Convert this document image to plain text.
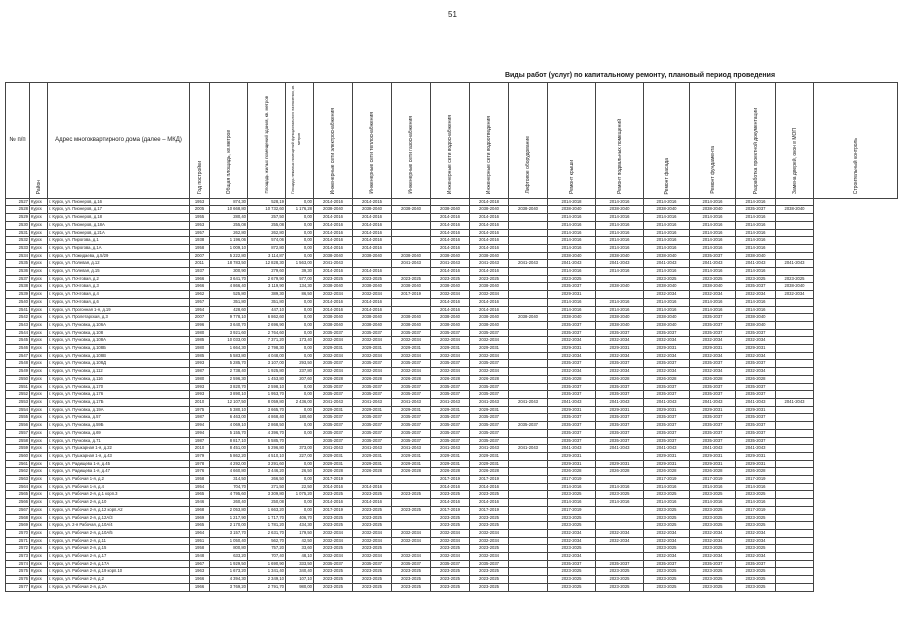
51
Виды работ (услуг) по капитальному ремонту, плановый период проведения
№ п/п	Район	Адрес многоквартирного дома (далее – МКД)	Год постройки	Общая площадь, кв.метров	Площадь жилых помещений здания, кв. метров	Площадь нежилых помещений функционального назначения, кв. метров	Инженерные сети электроснабжения	Инженерные сети теплоснабжения	Инженерные сети газоснабжения	Инженерные сети водоснабжения	Инженерные сети водоотведения	Лифтовое оборудование	Ремонт крыши	Ремонт подвальных помещений	Ремонт фасада	Ремонт фундамента	Разработка проектной документации	Замена дверей, окон в МОП	Строительный контроль
2527	Курск	г. Курск, ул. Пионеров, д.16	1953	874,30	528,19	0,00	2014-2016	2014-2015			2014-2018		2014-2018	2014-2016	2014-2016	2014-2016	2014-2016		
2528	Курск	г. Курск, ул. Пионеров, д.17	2005	10 668,80	10 732,60	1 176,28	2038-2040	2038-2040	2038-2040	2038-2040	2038-2040	2038-2040	2038-2040	2038-2040	2038-2040	2038-2040	2035-2037	2038-2040	
2529	Курск	г. Курск, ул. Пионеров, д.18	1955	280,40	257,50	0,00	2014-2016	2014-2016		2014-2016	2014-2016		2014-2016	2014-2016	2014-2016	2014-2016	2014-2016		
2530	Курск	г. Курск, ул. Пионеров, д.18А	1953	255,08	255,08	0,00	2014-2016	2014-2016		2014-2016	2014-2016		2014-2016	2014-2016	2014-2016	2014-2016	2014-2016		
2531	Курск	г. Курск, ул. Пионеров, д.21А	1957	262,80	262,80	0,00	2014-2016	2014-2016		2014-2016	2014-2016		2014-2016	2014-2016	2014-2016	2014-2016	2014-2016		
2532	Курск	г. Курск, ул. Пирогова, д.1	1938	1 196,06	574,06	0,00	2014-2016	2014-2016		2014-2016	2014-2016		2014-2016	2014-2016	2014-2016	2014-2016	2014-2016		
2533	Курск	г. Курск, ул. Пирогова, д.1А	1958	1 009,10	872,80	0,00	2014-2016	2014-2016		2014-2016	2014-2016		2014-2016	2014-2016	2014-2016	2014-2016	2014-2016		
2534	Курск	г. Курск, ул. Пожидаева, д.5/29	2007	5 222,80	3 114,87	0,00	2038-2040	2038-2040	2038-2040	2038-2040	2038-2040		2038-2040	2038-2040	2038-2040	2035-2037	2038-2040		
2535	Курск	г. Курск, ул. Полевая, д.12	2011	18 783,50	12 828,30	1 563,00	2041-2043		2041-2043	2041-2043	2041-2043	2041-2043	2041-2043	2041-2043	2041-2043	2041-2043	2041-2043	2041-2043	
2536	Курск	г. Курск, ул. Полевая, д.15	1937	300,90	279,60	39,30	2014-2016	2014-2016		2014-2016	2014-2016		2014-2016	2014-2016	2014-2016	2014-2016	2014-2016		
2537	Курск	г. Курск, ул. Почтовая, д.2	1966	3 641,70	2 679,90	577,00	2023-2025	2023-2025	2023-2025	2023-2025	2023-2025		2023-2025		2023-2025	2023-2025	2023-2025	2023-2025	
2538	Курск	г. Курск, ул. Почтовая, д.3	1966	4 866,40	3 119,90	134,30	2038-2040	2038-2040	2038-2040	2038-2040	2038-2040		2035-2037	2038-2040	2038-2040	2038-2040	2035-2037	2038-2040	
2539	Курск	г. Курск, ул. Почтовая, д.4	1962	525,80	389,30	86,50	2032-2034	2032-2034	2017-2019	2032-2034	2032-2034		2029-2031		2032-2034	2032-2034	2032-2034	2032-2034	
2540	Курск	г. Курск, ул. Почтовая, д.6	1957	351,80	351,80	0,00	2014-2016	2014-2016		2014-2016	2014-2016		2014-2016	2014-2016	2014-2016	2014-2016	2014-2016		
2541	Курск	г. Курск, ул. Прогонная 1-я, д.19	1954	428,60	447,10	0,00	2014-2016	2014-2016		2014-2016	2014-2016		2014-2016	2014-2016	2014-2016	2014-2016	2014-2016		
2542	Курск	г. Курск, ул. Пролетарская, д.3	2007	9 778,10	6 862,60	0,00	2038-2040	2038-2040	2038-2040	2038-2040	2038-2040	2038-2040	2038-2040	2038-2040	2038-2040	2035-2037	2038-2040		
2543	Курск	г. Курск, ул. Пучковка, д.106А	1996	3 640,70	2 696,90	0,00	2038-2040	2038-2040	2038-2040	2038-2040	2038-2040		2035-2037	2038-2040	2038-2040	2035-2037	2038-2040		
2544	Курск	г. Курск, ул. Пучковка, д.108	1980	3 921,60	2 764,60	0,00	2035-2037	2035-2037	2035-2037	2035-2037	2035-2037		2035-2037	2035-2037	2035-2037	2035-2037	2035-2037		
2545	Курск	г. Курск, ул. Пучковка, д.108А	1985	10 033,00	7 371,20	173,40	2032-2034	2032-2034	2032-2034	2032-2034	2032-2034		2032-2034	2032-2034	2032-2034	2032-2034	2032-2034		
2546	Курск	г. Курск, ул. Пучковка, д.108Б	1980	1 664,30	2 798,30	0,00	2029-2031	2029-2031	2029-2031	2029-2031	2029-2031		2029-2031	2029-2031	2029-2031	2029-2031	2029-2031		
2547	Курск	г. Курск, ул. Пучковка, д.108В	1985	5 583,80	4 048,00	0,00	2032-2034	2032-2034	2032-2034	2032-2034	2032-2034		2032-2034	2032-2034	2032-2034	2032-2034	2032-2034		
2548	Курск	г. Курск, ул. Пучковка, д.108Д	1993	5 285,70	3 107,00	293,50	2035-2037	2035-2037	2035-2037	2035-2037	2035-2037		2035-2037	2035-2037	2035-2037	2035-2037	2035-2037		
2549	Курск	г. Курск, ул. Пучковка, д.112	1987	2 738,40	1 925,80	237,80	2032-2034	2032-2034	2032-2034	2032-2034	2032-2034		2032-2034	2032-2034	2032-2034	2032-2034	2032-2034		
2550	Курск	г. Курск, ул. Пучковка, д.116	1980	2 596,30	1 453,80	207,60	2026-2028	2026-2028	2026-2028	2026-2028	2026-2028		2026-2028	2026-2028	2026-2028	2026-2028	2026-2028		
2551	Курск	г. Курск, ул. Пучковка, д.170	1993	3 820,70	2 598,10	0,00	2035-2037	2035-2037	2035-2037	2035-2037	2035-2037		2035-2037	2035-2037	2035-2037	2035-2037	2035-2037		
2552	Курск	г. Курск, ул. Пучковка, д.176	1993	3 890,10	1 953,70	0,00	2035-2037	2035-2037	2035-2037	2035-2037	2035-2037		2035-2037	2035-2037	2035-2037	2035-2037	2035-2037		
2553	Курск	г. Курск, ул. Пучковка, д.17Б	2010	12 107,50	8 059,80	2 436,00	2041-2043	2041-2043	2041-2043	2041-2043	2041-2043	2041-2043	2041-2043	2041-2043	2041-2043	2041-2043	2041-2043	2041-2043	
2554	Курск	г. Курск, ул. Пучковка, д.19А	1975	5 380,10	3 665,70	0,00	2029-2031	2029-2031	2029-2031	2029-2031	2029-2031		2029-2031	2029-2031	2029-2031	2029-2031	2029-2031		
2555	Курск	г. Курск, ул. Пучковка, д.57	1987	6 463,00	4 868,40	180,60	2035-2037	2035-2037	2035-2037	2035-2037	2035-2037		2035-2037	2035-2037	2035-2037	2035-2037	2035-2037		
2556	Курск	г. Курск, ул. Пучковка, д.59Б	1994	4 069,10	2 868,50	0,00	2035-2037	2035-2037	2035-2037	2035-2037	2035-2037	2035-2037	2035-2037	2035-2037	2035-2037	2035-2037	2035-2037		
2557	Курск	г. Курск, ул. Пучковка, д.69	1994	5 155,70	4 396,70	0,00	2035-2037	2035-2037	2035-2037	2035-2037	2035-2037		2035-2037	2035-2037	2035-2037	2035-2037	2035-2037		
2558	Курск	г. Курск, ул. Пучковка, д.71	1987	8 817,10	5 585,70		2035-2037	2035-2037	2035-2037	2035-2037	2035-2037		2035-2037	2035-2037	2035-2037	2035-2037	2035-2037		
2559	Курск	г. Курск, ул. Пушкарная 1-я, д.22	2010	8 451,00	5 296,80	373,00	2041-2043	2041-2043	2041-2043	2041-2043	2041-2043	2041-2043	2041-2043	2041-2043	2041-2043	2041-2043	2041-2043		
2560	Курск	г. Курск, ул. Пушкарная 1-я, д.43	1979	5 862,20	4 510,10	227,00	2029-2031	2029-2031	2029-2031	2029-2031	2029-2031		2029-2031		2029-2031	2029-2031	2029-2031		
2561	Курск	г. Курск, ул. Радищева 1-я, д.45	1978	4 292,00	3 291,60	0,00	2029-2031	2029-2031	2029-2031	2029-2031	2029-2031		2029-2031	2029-2031	2029-2031	2029-2031	2029-2031		
2562	Курск	г. Курск, ул. Радищева 1-я, д.47	1976	4 660,80	3 446,20	26,50	2026-2028	2026-2028	2026-2028	2026-2028	2026-2028		2026-2028	2026-2028	2026-2028	2026-2028	2026-2028		
2563	Курск	г. Курск, ул. Рабочая 1-я, д.2	1958	314,50	266,50	0,00	2017-2019			2017-2019	2017-2019		2017-2019		2017-2019	2017-2019	2017-2019		
2564	Курск	г. Курск, ул. Рабочая 1-я, д.4	1954	704,70	271,50	22,50	2014-2016	2014-2016		2014-2016	2014-2016		2014-2016	2014-2016	2014-2016	2014-2016	2014-2016		
2565	Курск	г. Курск, ул. Рабочая 2-я, д.1 корп.3	1965	4 795,60	3 309,80	1 075,20	2023-2025	2023-2025	2023-2025	2023-2025	2023-2025		2023-2025	2023-2025	2023-2025	2023-2025	2023-2025		
2566	Курск	г. Курск, ул. Рабочая 2-я, д.10	1946	260,40	250,08	0,00	2014-2016	2014-2016		2014-2016	2014-2016		2014-2016	2014-2016	2014-2016	2014-2016	2014-2016		
2567	Курск	г. Курск, ул. Рабочая 2-я, д.12 корп.А2	1968	2 053,80	1 663,20	0,00	2017-2019	2023-2025	2023-2025	2017-2019	2017-2019		2017-2019		2023-2025	2023-2025	2017-2019		
2568	Курск	г. Курск, ул. Рабочая 2-я, д.12А/3	1969	1 217,90	1 717,70	406,70	2023-2025	2023-2025		2023-2025	2023-2025		2023-2025		2023-2025	2023-2025	2023-2025		
2569	Курск	г. Курск, ул. 2-я Рабочая, д.10А/4	1965	2 170,00	1 781,20	434,30	2023-2025	2023-2025		2023-2025	2023-2025		2023-2025		2023-2025	2023-2025	2023-2025		
2570	Курск	г. Курск, ул. Рабочая 2-я, д.10А/5	1964	3 157,70	2 631,70	179,50	2032-2034	2032-2034	2032-2034	2032-2034	2032-2034		2032-2034	2032-2034	2032-2034	2032-2034	2032-2034		
2571	Курск	г. Курск, ул. Рабочая 2-я, д.11	1951	1 050,40	562,70	42,50	2032-2034	2032-2034	2032-2034	2032-2034	2032-2034		2032-2034	2032-2034	2032-2034	2032-2034	2032-2034		
2572	Курск	г. Курск, ул. Рабочая 2-я, д.15	1958	800,80	757,20	33,60	2023-2025	2023-2025		2023-2025	2023-2025		2023-2025		2023-2025	2023-2025	2023-2025		
2573	Курск	г. Курск, ул. Рабочая 2-я, д.17	1948	633,20	707,40	48,10	2032-2034	2032-2034	2032-2034	2032-2034	2032-2034		2032-2034		2032-2034	2032-2034	2032-2034		
2574	Курск	г. Курск, ул. Рабочая 2-я, д.17А	1967	1 929,50	1 690,90	333,50	2035-2037	2035-2037	2035-2037	2035-2037	2035-2037		2035-2037	2035-2037	2035-2037	2035-2037	2035-2037		
2575	Курск	г. Курск, ул. Рабочая 2-я, д.19 корп.10	1963	1 673,20	1 341,40	340,40	2023-2025	2023-2025	2023-2025	2023-2025	2023-2025		2023-2025	2023-2025	2023-2025	2023-2025	2023-2025		
2576	Курск	г. Курск, ул. Рабочая 2-я, д.2	1966	4 394,30	2 349,10	107,10	2023-2025	2023-2025	2023-2025	2023-2025	2023-2025		2023-2025	2023-2025	2023-2025	2023-2025	2023-2025		
2577	Курск	г. Курск, ул. Рабочая 2-я, д.2А	1966	3 769,20	2 791,70	980,00	2023-2025	2023-2025	2023-2025	2023-2025	2023-2025		2023-2025	2023-2025	2023-2025	2023-2025	2023-2025		
